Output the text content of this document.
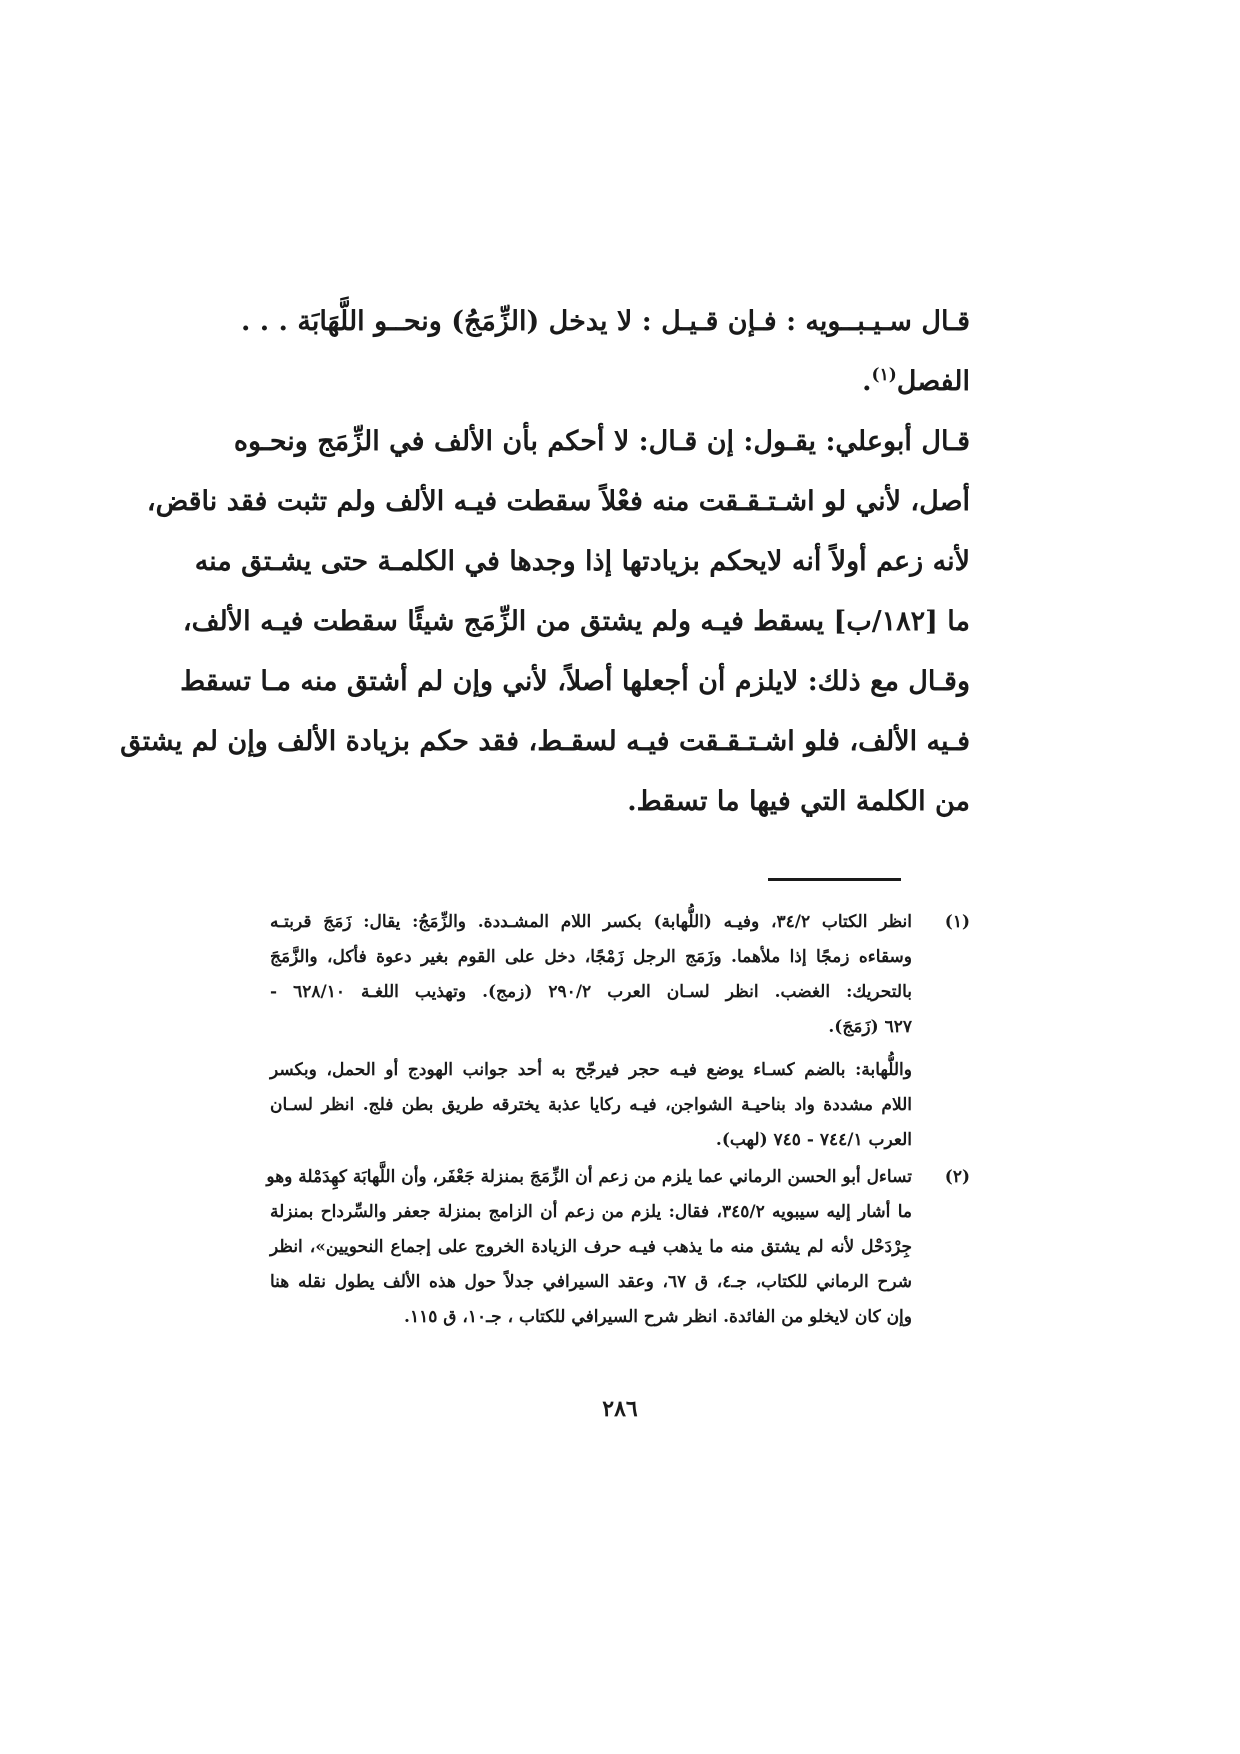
قـال سـيـبــويه : فـإن قـيـل : لا يدخل (الزِّمَجُ) ونحــو اللَّهَابَة . . .
الفصل$^{(١)}$.
قـال أبوعلي: يقـول: إن قـال: لا أحكم بأن الألف في الزِّمَج ونحـوه
أصل، لأني لو اشـتـقـقت منه فعْلاً سقطت فيـه الألف ولم تثبت فقد ناقض،
لأنه زعم أولاً أنه لايحكم بزيادتها إذا وجدها في الكلمـة حتى يشـتق منه
ما [١٨٢/ب] يسقط فيـه ولم يشتق من الزِّمَج شيئًا سقطت فيـه الألف،
وقـال مع ذلك: لايلزم أن أجعلها أصلاً، لأني وإن لم أشتق منه مـا تسقط
فـيه الألف، فلو اشـتـقـقت فيـه لسقـط، فقد حكم بزيادة الألف وإن لم يشتق
من الكلمة التي فيها ما تسقط.
(١)
انظر الكتاب ٣٤/٢، وفيـه (اللُّهابة) بكسر اللام المشـددة. والزِّمَجُ: يقال: زَمَجَ قربتـه
وسقاءه زمجًا إذا ملأهما. وزَمَج الرجل زَمْجًا، دخل على القوم بغير دعوة فأكل، والزَّمَجَ
بالتحريك: الغضب. انظر لسـان العرب ٢٩٠/٢ (زمج). وتهذيب اللغـة ٦٢٨/١٠ -
٦٢٧ (زَمَجَ).
واللُّهابة: بالضم كسـاء يوضع فيـه حجر فيرجّح به أحد جوانب الهودج أو الحمل، وبكسر
اللام مشددة واد بناحيـة الشواجن، فيـه ركايا عذبة يخترقه طريق بطن فلج. انظر لسـان
العرب ٧٤٤/١ - ٧٤٥ (لهب).
(٢)
تساءل أبو الحسن الرماني عما يلزم من زعم أن الزِّمَجَ بمنزلة جَعْفَر، وأن اللَّهابَة كهِدَمْلة وهو
ما أشار إليه سيبويه ٣٤٥/٢، فقال: يلزم من زعم أن الزامج بمنزلة جعفر والسِّرداح بمنزلة
جِرْدَحْل لأنه لم يشتق منه ما يذهب فيـه حرف الزيادة الخروج على إجماع النحويين»، انظر
شرح الرماني للكتاب، جـ٤، ق ٦٧، وعقد السيرافي جدلاً حول هذه الألف يطول نقله هنا
وإن كان لايخلو من الفائدة. انظر شرح السيرافي للكتاب ، جـ١٠، ق ١١٥.
٢٨٦
